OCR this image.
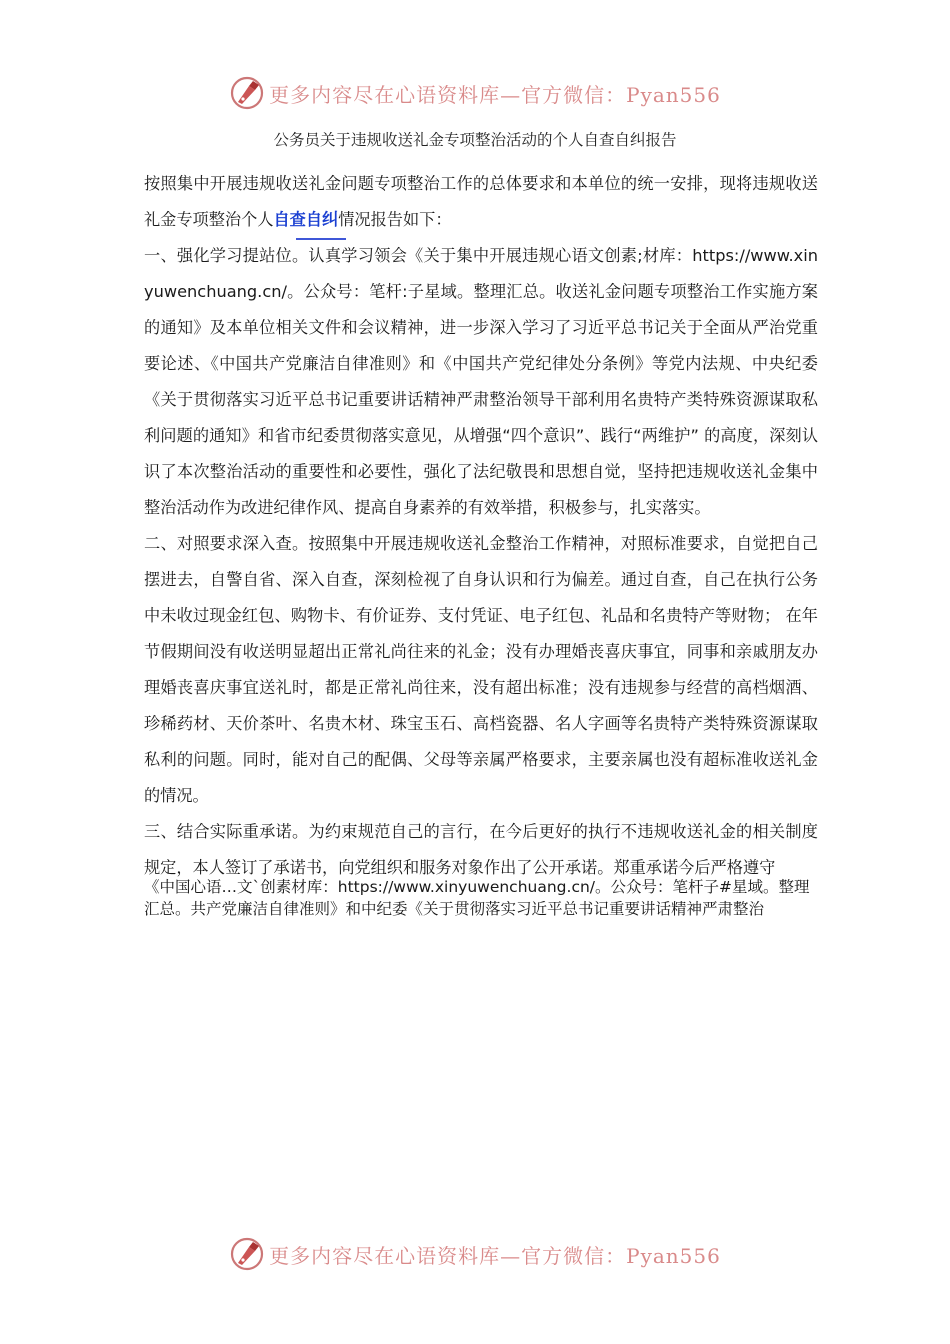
更多内容尽在心语资料库—官方微信：Pyan556
公务员关于违规收送礼金专项整治活动的个人自查自纠报告

按照集中开展违规收送礼金问题专项整治工作的总体要求和本单位的统一安排，现将违规收送礼金专项整治个人自查自纠情况报告如下：

一、强化学习提站位。认真学习领会《关于集中开展违规心语文创素;材库：https://www.xinyuwenchuang.cn/。公众号：笔杆:子星域。整理汇总。收送礼金问题专项整治工作实施方案的通知》及本单位相关文件和会议精神，进一步深入学习了习近平总书记关于全面从严治党重要论述、《中国共产党廉洁自律准则》和《中国共产党纪律处分条例》等党内法规、中央纪委《关于贯彻落实习近平总书记重要讲话精神严肃整治领导干部利用名贵特产类特殊资源谋取私利问题的通知》和省市纪委贯彻落实意见，从增强“四个意识”、践行“两维护” 的高度，深刻认识了本次整治活动的重要性和必要性，强化了法纪敬畏和思想自觉，坚持把违规收送礼金集中整治活动作为改进纪律作风、提高自身素养的有效举措，积极参与，扎实落实。

二、对照要求深入查。按照集中开展违规收送礼金整治工作精神，对照标准要求，自觉把自己摆进去，自警自省、深入自查，深刻检视了自身认识和行为偏差。通过自查，自己在执行公务中未收过现金红包、购物卡、有价证券、支付凭证、电子红包、礼品和名贵特产等财物； 在年节假期间没有收送明显超出正常礼尚往来的礼金；没有办理婚丧喜庆事宜，同事和亲戚朋友办理婚丧喜庆事宜送礼时，都是正常礼尚往来，没有超出标准；没有违规参与经营的高档烟酒、珍稀药材、天价茶叶、名贵木材、珠宝玉石、高档瓷器、名人字画等名贵特产类特殊资源谋取私利的问题。同时，能对自己的配偶、父母等亲属严格要求，主要亲属也没有超标准收送礼金的情况。

三、结合实际重承诺。为约束规范自己的言行，在今后更好的执行不违规收送礼金的相关制度规定，本人签订了承诺书，向党组织和服务对象作出了公开承诺。郑重承诺今后严格遵守

《中国心语…文`创素材库：https://www.xinyuwenchuang.cn/。公众号：笔杆子#星域。整理汇总。共产党廉洁自律准则》和中纪委《关于贯彻落实习近平总书记重要讲话精神严肃整治
更多内容尽在心语资料库—官方微信：Pyan556
